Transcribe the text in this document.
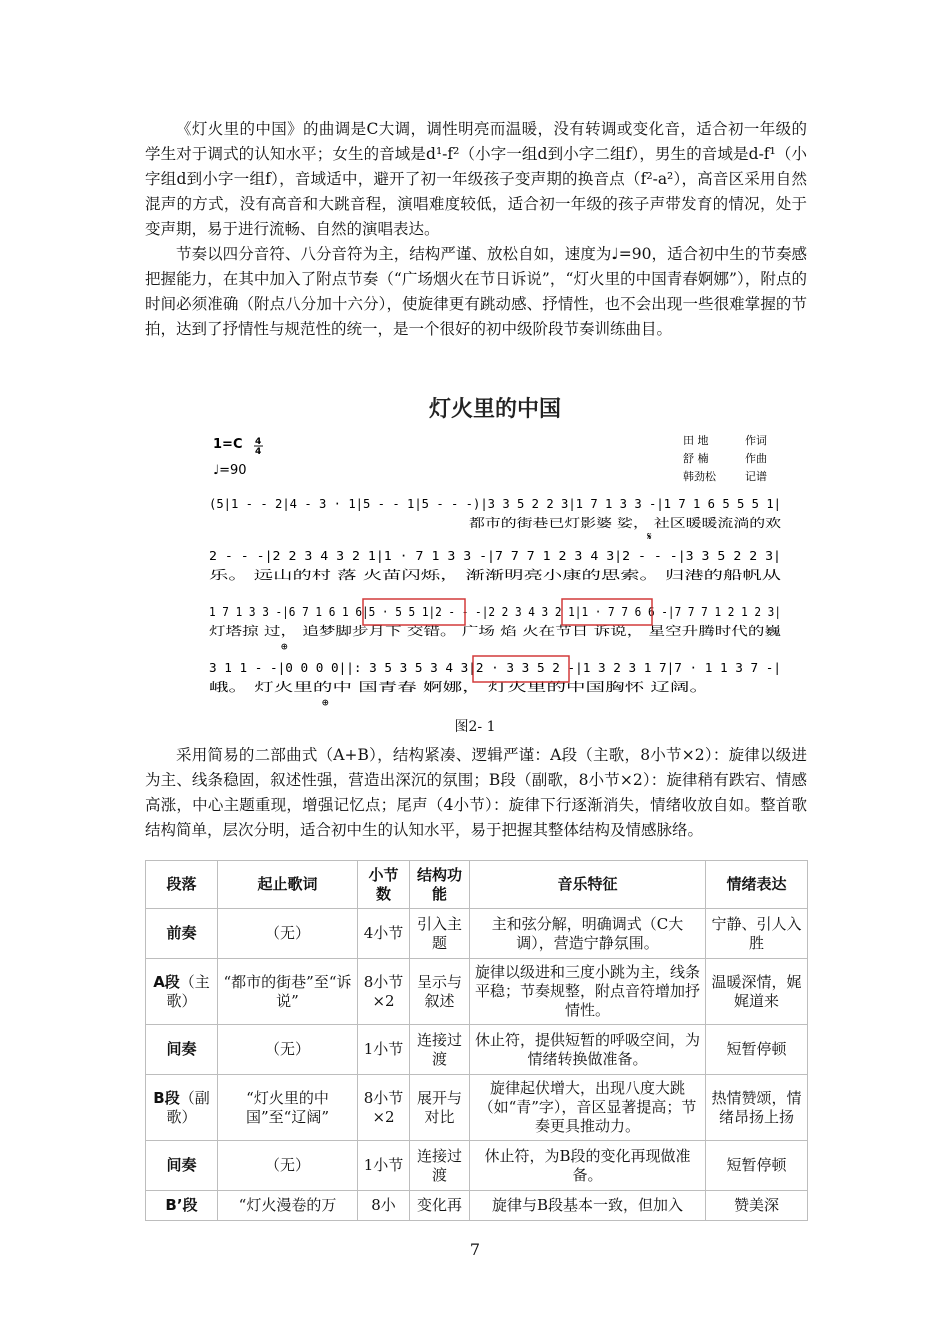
《灯火里的中国》的曲调是C大调，调性明亮而温暖，没有转调或变化音，适合初一年级的学生对于调式的认知水平；女生的音域是d¹-f²（小字一组d到小字二组f），男生的音域是d-f¹（小字组d到小字一组f），音域适中，避开了初一年级孩子变声期的换音点（f²-a²），高音区采用自然混声的方式，没有高音和大跳音程，演唱难度较低，适合初一年级的孩子声带发育的情况，处于变声期，易于进行流畅、自然的演唱表达。

节奏以四分音符、八分音符为主，结构严谨、放松自如，速度为♩=90，适合初中生的节奏感把握能力，在其中加入了附点节奏（“广场烟火在节日诉说”，“灯火里的中国青春婀娜”），附点的时间必须准确（附点八分加十六分），使旋律更有跳动感、抒情性，也不会出现一些很难掌握的节拍，达到了抒情性与规范性的统一，是一个很好的初中级阶段节奏训练曲目。

灯火里的中国
1=C 4
4
♩=90
田 地	作词
舒 楠	作曲
韩劲松	记谱
(5|1 - - 2|4 - 3 · 1|5 - - 1|5 - - -)|3 3 5 2 2 3|1 7 1 3 3 -|1 7 1 6 5 5 5 1|
都市的街巷已灯影婆 娑， 社区暖暖流淌的欢
2 - - -|2 2 3 4 3 2 1|1 · 7 1 3 3 -|7 7 7 1 2 3 4 3|2 - - -|3 3 5 2 2 3|
乐。 远山的村 落 火苗闪烁， 渐渐明亮小康的思索。 归港的船帆从
1 7 1 3 3 -|6 7 1 6 1 6|5 · 5 5 1|2 - - -|2 2 3 4 3 2 1|1 · 7 7 6 6 -|7 7 7 1 2 1 2 3|
灯塔掠 过， 追梦脚步月下 交错。 广场 焰 火在节日 诉说， 星空升腾时代的巍
3 1 1 - -|0 0 0 0||: 3 5 3 5 3 4 3|2 · 3 3 5 2 -|1 3 2 3 1 7|7 · 1 1 3 7 -|
峨。 灯火里的中 国青春 婀娜， 灯火里的中国胸怀 辽阔。
𝄋
⊕
⊕
图2- 1

采用简易的二部曲式（A+B），结构紧凑、逻辑严谨：A段（主歌，8小节×2）：旋律以级进为主、线条稳固，叙述性强，营造出深沉的氛围；B段（副歌，8小节×2）：旋律稍有跌宕、情感高涨，中心主题重现，增强记忆点；尾声（4小节）：旋律下行逐渐消失，情绪收放自如。整首歌结构简单，层次分明，适合初中生的认知水平，易于把握其整体结构及情感脉络。

段落	起止歌词	小节数	结构功能	音乐特征	情绪表达
前奏	（无）	4小节	引入主题	主和弦分解，明确调式（C大调），营造宁静氛围。	宁静、引人入胜
A段（主歌）	“都市的街巷”至“诉说”	8小节×2	呈示与叙述	旋律以级进和三度小跳为主，线条平稳；节奏规整，附点音符增加抒情性。	温暖深情，娓娓道来
间奏	（无）	1小节	连接过渡	休止符，提供短暂的呼吸空间，为情绪转换做准备。	短暂停顿
B段（副歌）	“灯火里的中国”至“辽阔”	8小节×2	展开与对比	旋律起伏增大，出现八度大跳（如“青”字），音区显著提高；节奏更具推动力。	热情赞颂，情绪昂扬上扬
间奏	（无）	1小节	连接过渡	休止符，为B段的变化再现做准备。	短暂停顿
B’段	“灯火漫卷的万	8小	变化再	旋律与B段基本一致，但加入	赞美深
7
